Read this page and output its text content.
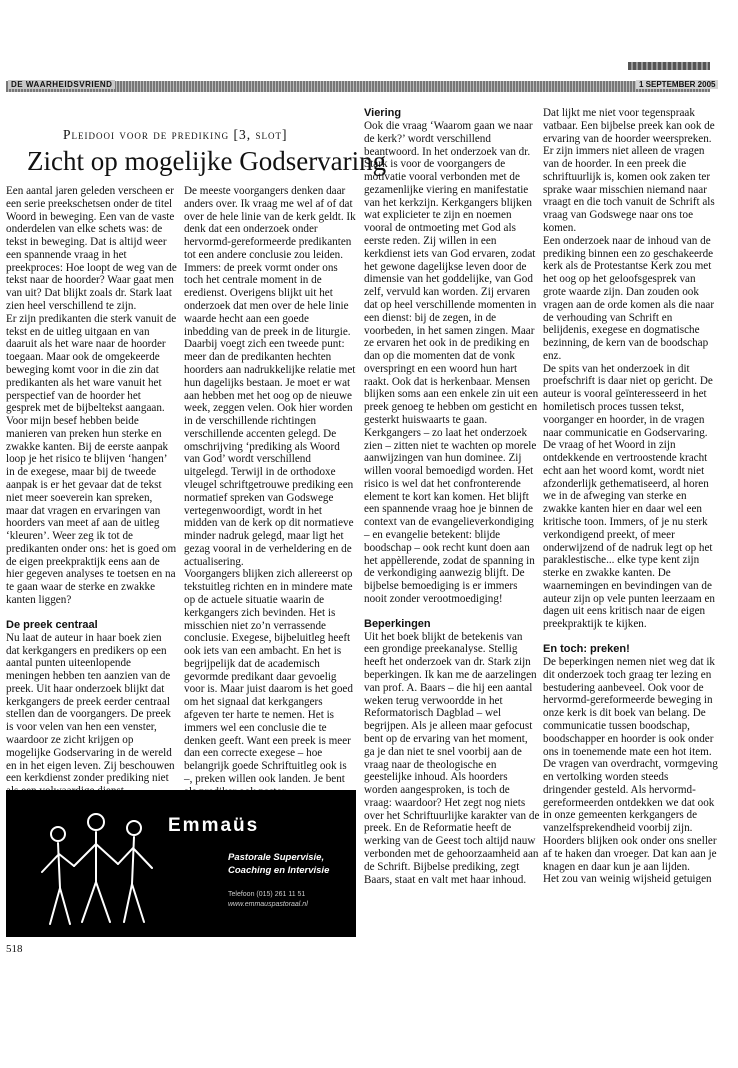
DE WAARHEIDSVRIEND	1 SEPTEMBER 2005
Pleidooi voor de prediking [3, slot]
Zicht op mogelijke Godservaring

Een aantal jaren geleden verscheen er een serie preekschetsen onder de titel Woord in beweging. Een van de vaste onderdelen van elke schets was: de tekst in beweging. Dat is altijd weer een spannende vraag in het preekproces: Hoe loopt de weg van de tekst naar de hoorder? Waar gaat men van uit? Dat blijkt zoals dr. Stark laat zien heel verschillend te zijn.

Er zijn predikanten die sterk vanuit de tekst en de uitleg uitgaan en van daaruit als het ware naar de hoorder toegaan. Maar ook de omgekeerde beweging komt voor in die zin dat predikanten als het ware vanuit het perspectief van de hoorder het gesprek met de bijbeltekst aangaan. Voor mijn besef hebben beide manieren van preken hun sterke en zwakke kanten. Bij de eerste aanpak loop je het risico te blijven ‘hangen’ in de exegese, maar bij de tweede aanpak is er het gevaar dat de tekst niet meer soeverein kan spreken, maar dat vragen en ervaringen van hoorders van meet af aan de uitleg ‘kleuren’. Weer zeg ik tot de predikanten onder ons: het is goed om de eigen preekpraktijk eens aan de hier gegeven analyses te toetsen en na te gaan waar de sterke en zwakke kanten liggen?

De preek centraal

Nu laat de auteur in haar boek zien dat kerkgangers en predikers op een aantal punten uiteenlopende meningen hebben ten aanzien van de preek. Uit haar onderzoek blijkt dat kerkgangers de preek eerder centraal stellen dan de voorgangers. De preek is voor velen van hen een venster, waardoor ze zicht krijgen op mogelijke Godservaring in de wereld en in het eigen leven. Zij beschouwen een kerkdienst zonder prediking niet

De meeste voorgangers denken daar anders over. Ik vraag me wel af of dat over de hele linie van de kerk geldt. Ik denk dat een onderzoek onder hervormd-gereformeerde predikanten tot een andere conclusie zou leiden. Immers: de preek vormt onder ons toch het centrale moment in de eredienst. Overigens blijkt uit het onderzoek dat men over de hele linie waarde hecht aan een goede inbedding van de preek in de liturgie.

Daarbij voegt zich een tweede punt: meer dan de predikanten hechten hoorders aan nadrukkelijke relatie met hun dagelijks bestaan. Je moet er wat aan hebben met het oog op de nieuwe week, zeggen velen. Ook hier worden in de verschillende richtingen verschillende accenten gelegd. De omschrijving ‘prediking als Woord van God’ wordt verschillend uitgelegd. Terwijl in de orthodoxe vleugel schriftgetrouwe prediking een normatief spreken van Godswege vertegenwoordigt, wordt in het midden van de kerk op dit normatieve minder nadruk gelegd, maar ligt het gezag vooral in de verheldering en de actualisering.

Voorgangers blijken zich allereerst op tekstuitleg richten en in mindere mate op de actuele situatie waarin de kerkgangers zich bevinden. Het is misschien niet zo’n verrassende conclusie. Exegese, bijbeluitleg heeft ook iets van een ambacht. En het is begrijpelijk dat de academisch gevormde predikant daar gevoelig voor is. Maar juist daarom is het goed om het signaal dat kerkgangers afgeven ter harte te nemen. Het is immers wel een conclusie die te denken geeft. Want een preek is meer dan een correcte exegese – hoe belangrijk goede Schriftuitleg ook is –, preken willen ook landen. Je bent

Viering

Ook die vraag ‘Waarom gaan we naar de kerk?’ wordt verschillend beantwoord. In het onderzoek van dr. Stark is voor de voorgangers de motivatie vooral verbonden met de gezamenlijke viering en manifestatie van het kerkzijn. Kerkgangers blijken wat explicieter te zijn en noemen vooral de ontmoeting met God als eerste reden. Zij willen in een kerkdienst iets van God ervaren, zodat het gewone dagelijkse leven door de dimensie van het goddelijke, van God zelf, vervuld kan worden. Zij ervaren dat op heel verschillende momenten in een dienst: bij de zegen, in de voorbeden, in het samen zingen. Maar ze ervaren het ook in de prediking en dan op die momenten dat de vonk overspringt en een woord hun hart raakt. Ook dat is herkenbaar. Mensen blijken soms aan een enkele zin uit een preek genoeg te hebben om gesticht en gesterkt huiswaarts te gaan.

Kerkgangers – zo laat het onderzoek zien – zitten niet te wachten op morele aanwijzingen van hun dominee. Zij willen vooral bemoedigd worden. Het risico is wel dat het confronterende element te kort kan komen. Het blijft een spannende vraag hoe je binnen de context van de evangelieverkondiging – en evangelie betekent: blijde boodschap – ook recht kunt doen aan het appèllerende, zodat de spanning in de verkondiging aanwezig blijft. De bijbelse bemoediging is er immers nooit zonder verootmoediging!

Beperkingen

Uit het boek blijkt de betekenis van een grondige preekanalyse. Stellig heeft het onderzoek van dr. Stark zijn beperkingen. Ik kan me de aarzelingen van prof. A. Baars – die hij een aantal weken terug verwoordde in het Reformatorisch Dagblad – wel begrijpen. Als je alleen maar gefocust bent op de ervaring van het moment, ga je dan niet te snel voorbij aan de vraag naar de theologische en geestelijke inhoud. Als hoorders worden aangesproken, is toch de vraag: waardoor? Het zegt nog niets over het Schriftuurlijke karakter van de preek. En de Reformatie heeft de werking van de Geest toch altijd nauw verbonden met de gehoorzaamheid aan de Schrift. Bijbelse prediking, zegt Baars, staat en valt met haar inhoud.

Dat lijkt me niet voor tegenspraak vatbaar. Een bijbelse preek kan ook de ervaring van de hoorder weerspreken. Er zijn immers niet alleen de vragen van de hoorder. In een preek die schriftuurlijk is, komen ook zaken ter sprake waar misschien niemand naar vraagt en die toch vanuit de Schrift als vraag van Godswege naar ons toe komen.

Een onderzoek naar de inhoud van de prediking binnen een zo geschakeerde kerk als de Protestantse Kerk zou met het oog op het geloofsgesprek van grote waarde zijn. Dan zouden ook vragen aan de orde komen als die naar de verhouding van Schrift en belijdenis, exegese en dogmatische bezinning, de kern van de boodschap enz.

De spits van het onderzoek in dit proefschrift is daar niet op gericht. De auteur is vooral geïnteresseerd in het homiletisch proces tussen tekst, voorganger en hoorder, in de vragen naar communicatie en Godservaring. De vraag of het Woord in zijn ontdekkende en vertroostende kracht echt aan het woord komt, wordt niet afzonderlijk gethematiseerd, al horen we in de afweging van sterke en zwakke kanten hier en daar wel een kritische toon. Immers, of je nu sterk verkondigend preekt, of meer onderwijzend of de nadruk legt op het paraklestische... elke type kent zijn sterke en zwakke kanten. De waarnemingen en bevindingen van de auteur zijn op vele punten leerzaam en dagen uit eens kritisch naar de eigen preekpraktijk te kijken.

En toch: preken!

De beperkingen nemen niet weg dat ik dit onderzoek toch graag ter lezing en bestudering aanbeveel. Ook voor de hervormd-gereformeerde beweging in onze kerk is dit boek van belang. De communicatie tussen boodschap, boodschapper en hoorder is ook onder ons in toenemende mate een hot item. De vragen van overdracht, vormgeving en vertolking worden steeds dringender gesteld. Als hervormd-gereformeerden ontdekken we dat ook in onze gemeenten kerkgangers de vanzelfsprekendheid voorbij zijn. Hoorders blijken ook onder ons sneller af te haken dan vroeger. Dat kan aan je knagen en daar kun je aan lijden.

Het zou van weinig wijsheid getuigen

Emmaüs
Pastorale Supervisie,
Coaching en Intervisie
Telefoon (015) 261 11 51
www.emmauspastoraal.nl
518
